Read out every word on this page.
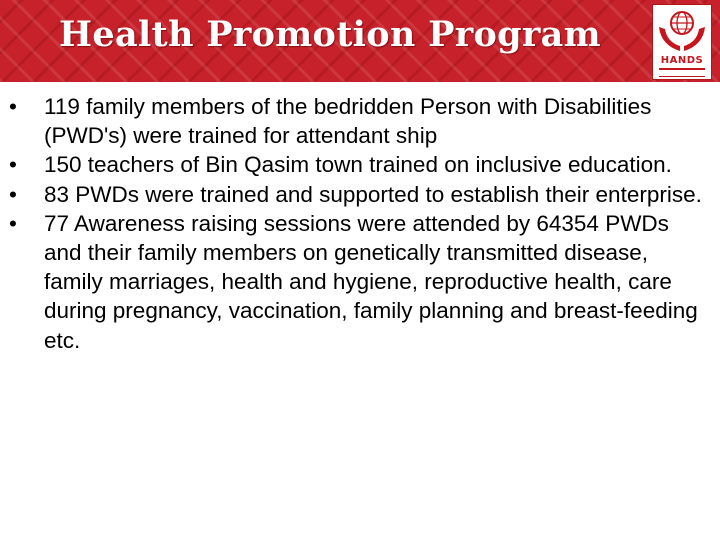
Health Promotion Program
HANDS
• 119 family members of the bedridden Person with Disabilities (PWD's) were trained for attendant ship
• 150 teachers of Bin Qasim town trained on inclusive education.
• 83 PWDs were trained and supported to establish their enterprise.
• 77 Awareness raising sessions were attended by 64354 PWDs and their family members on genetically transmitted disease, family marriages, health and hygiene, reproductive health, care during pregnancy, vaccination, family planning and breast-feeding etc.
